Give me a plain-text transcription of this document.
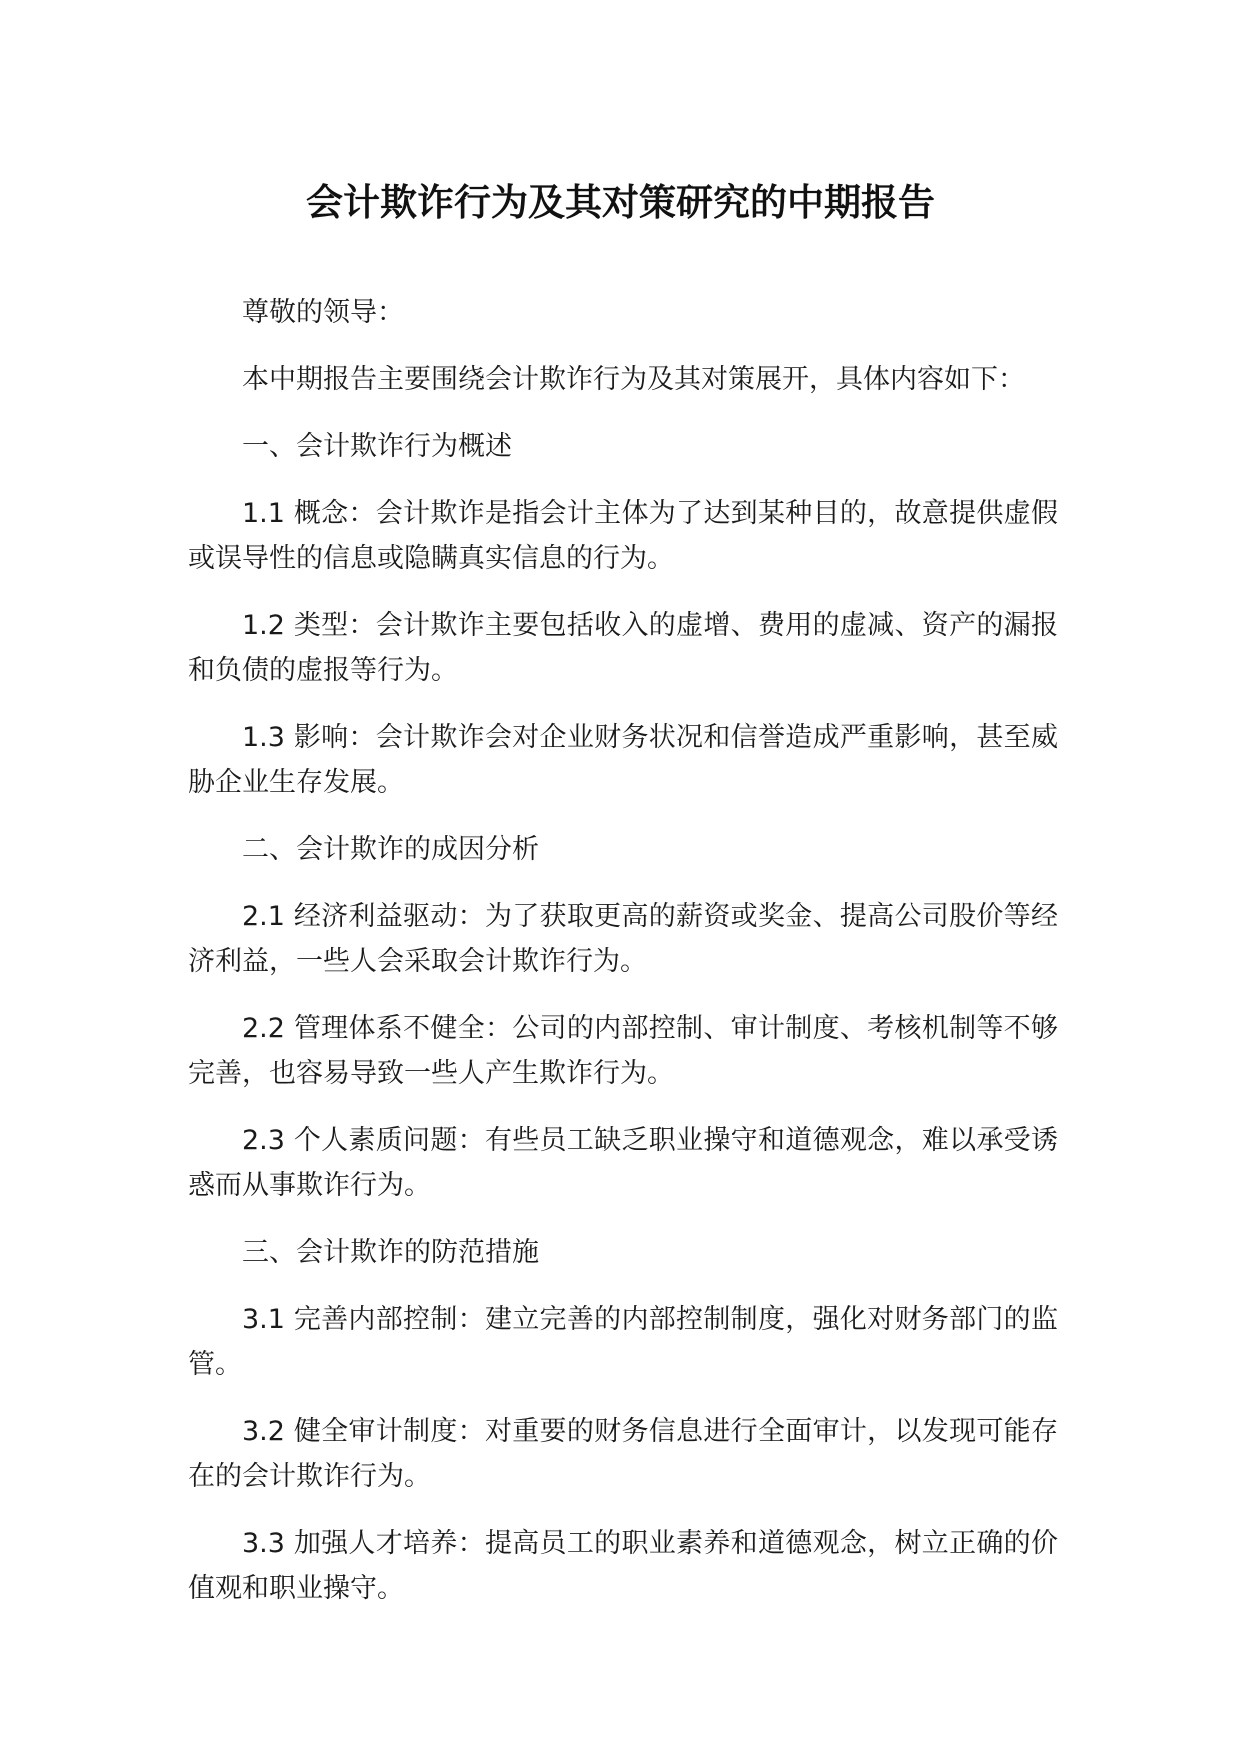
会计欺诈行为及其对策研究的中期报告

尊敬的领导：

本中期报告主要围绕会计欺诈行为及其对策展开，具体内容如下：

一、会计欺诈行为概述

1.1 概念：会计欺诈是指会计主体为了达到某种目的，故意提供虚假或误导性的信息或隐瞒真实信息的行为。

1.2 类型：会计欺诈主要包括收入的虚增、费用的虚减、资产的漏报和负债的虚报等行为。

1.3 影响：会计欺诈会对企业财务状况和信誉造成严重影响，甚至威胁企业生存发展。

二、会计欺诈的成因分析

2.1 经济利益驱动：为了获取更高的薪资或奖金、提高公司股价等经济利益，一些人会采取会计欺诈行为。

2.2 管理体系不健全：公司的内部控制、审计制度、考核机制等不够完善，也容易导致一些人产生欺诈行为。

2.3 个人素质问题：有些员工缺乏职业操守和道德观念，难以承受诱惑而从事欺诈行为。

三、会计欺诈的防范措施

3.1 完善内部控制：建立完善的内部控制制度，强化对财务部门的监管。

3.2 健全审计制度：对重要的财务信息进行全面审计，以发现可能存在的会计欺诈行为。

3.3 加强人才培养：提高员工的职业素养和道德观念，树立正确的价值观和职业操守。
